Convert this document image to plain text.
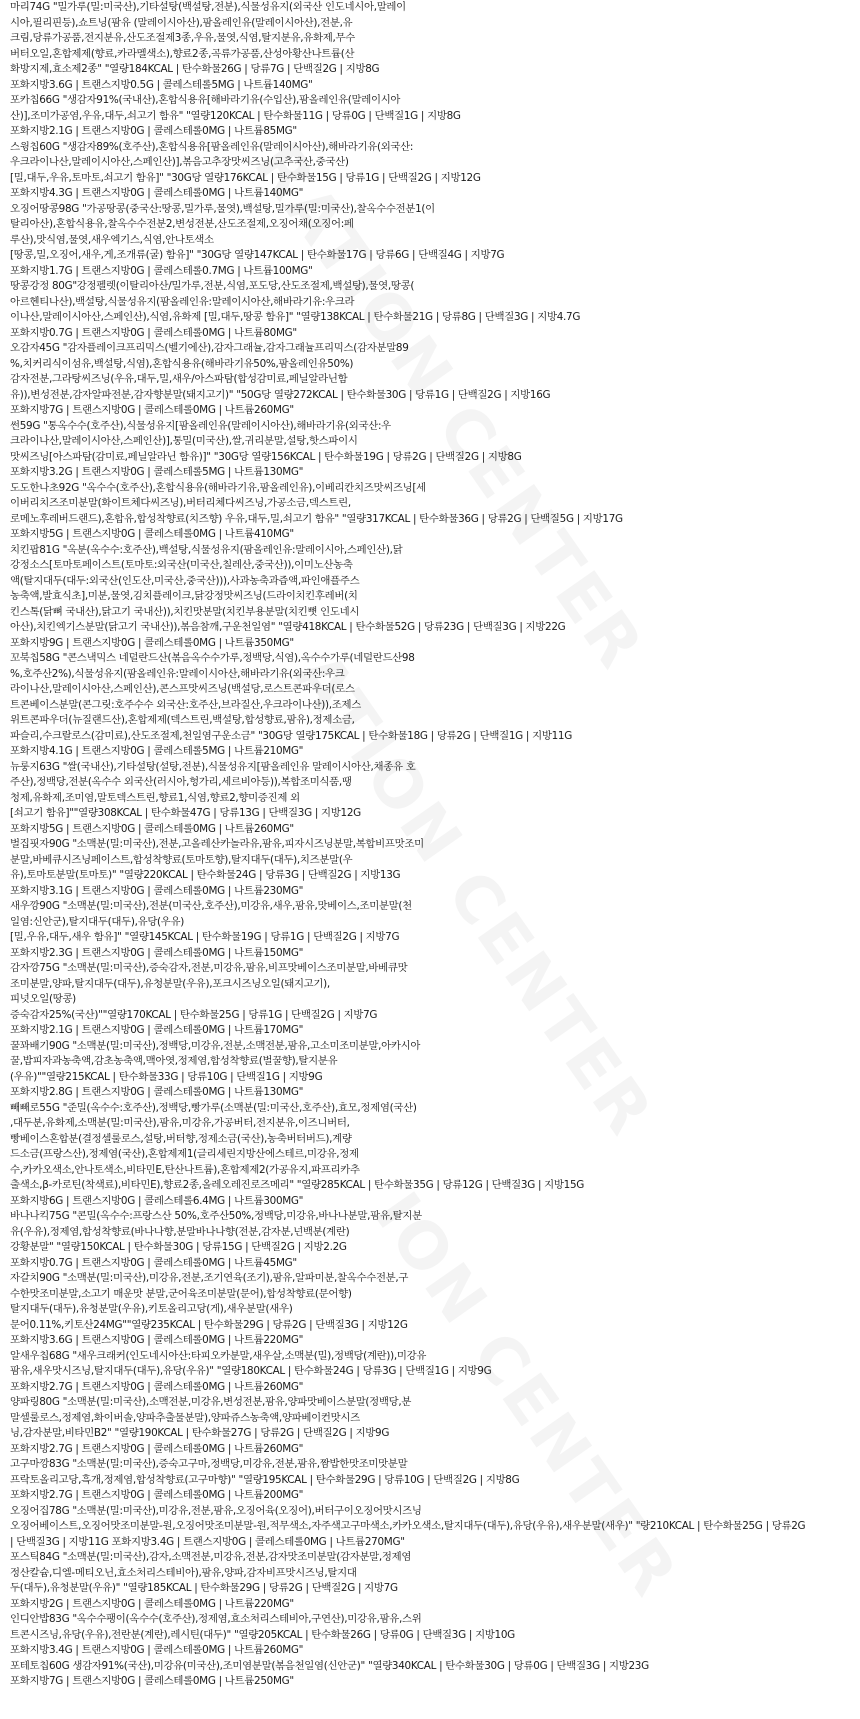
마리74G "밀가루(밀:미국산),기타설탕(백설탕,전분),식물성유지(외국산 인도네시아,말레이
시아,필리핀등),쇼트닝(팜유 (말레이시아산),팜올레인유(말레이시아산),전분,유
크림,당류가공품,전지분유,산도조절제3종,우유,물엿,식염,탈지분유,유화제,무수
버터오일,혼합제제(향료,카라멜색소),향료2종,곡류가공품,산성아황산나트륨(산
화방지제,효소제2종" "열량184KCAL | 탄수화물26G | 당류7G | 단백질2G | 지방8G
포화지방3.6G | 트랜스지방0.5G | 콜레스테롤5MG | 나트륨140MG"
포카칩66G "생감자91%(국내산),혼합식용유[해바라기유(수입산),팜올레인유(말레이시아
산)],조미가공염,우유,대두,쇠고기 함유" "열량120KCAL | 탄수화물11G | 당류0G | 단백질1G | 지방8G
포화지방2.1G | 트랜스지방0G | 콜레스테롤0MG | 나트륨85MG"
스윙칩60G "생감자89%(호주산),혼합식용유[팜올레인유(말레이시아산),해바라기유(외국산:
우크라이나산,말레이시아산,스페인산)],볶음고추장맛씨즈닝(고추국산,중국산)
[밀,대두,우유,토마토,쇠고기 함유]" "30G당 열량176KCAL | 탄수화물15G | 당류1G | 단백질2G | 지방12G
포화지방4.3G | 트랜스지방0G | 콜레스테롤0MG | 나트륨140MG"
오징어땅콩98G "가공땅콩(중국산:땅콩,밀가루,물엿),백설탕,밀가루(밀:미국산),찰옥수수전분1(이
탈리아산),혼합식용유,찰옥수수전분2,변성전분,산도조절제,오징어채(오징어:페
루산),맛식염,물엿,새우엑기스,식염,안나토색소
[땅콩,밀,오징어,새우,게,조개류(굴) 함유]" "30G당 열량147KCAL | 탄수화물17G | 당류6G | 단백질4G | 지방7G
포화지방1.7G | 트랜스지방0G | 콜레스테롤0.7MG | 나트륨100MG"
땅콩강정 80G"강정펠렛(이탈리아산/밀가루,전분,식염,포도당,산도조절제,백설탕),물엿,땅콩(
아르헨티나산),백설탕,식물성유지(팜올레인유:말레이시아산,해바라기유:우크라
이나산,말레이시아산,스페인산),식염,유화제 [밀,대두,땅콩 함유]" "열량138KCAL | 탄수화물21G | 당류8G | 단백질3G | 지방4.7G
포화지방0.7G | 트랜스지방0G | 콜레스테롤0MG | 나트륨80MG"
오감자45G "감자플레이크프리믹스(벨기에산),감자그래뉼,감자그래뉼프리믹스(감자분말89
%,치커리식이섬유,백설탕,식염),혼합식용유(해바라기유50%,팜올레인유50%)
감자전분,그라탕씨즈닝(우유,대두,밀,새우/아스파탐(합성감미료,페닐알라닌함
유)),변성전분,감자알파전분,감자향분말(돼지고기)" "50G당 열량272KCAL | 탄수화물30G | 당류1G | 단백질2G | 지방16G
포화지방7G | 트랜스지방0G | 콜레스테롤0MG | 나트륨260MG"
썬59G "통옥수수(호주산),식물성유지[팜올레인유(말레이시아산),해바라기유(외국산:우
크라이나산,말레이시아산,스페인산)],통밀(미국산),쌀,귀리분말,설탕,핫스파이시
맛씨즈닝[아스파탐(감미료,페닐알라닌 함유)]" "30G당 열량156KCAL | 탄수화물19G | 당류2G | 단백질2G | 지방8G
포화지방3.2G | 트랜스지방0G | 콜레스테롤5MG | 나트륨130MG"
도도한나초92G "옥수수(호주산),혼합식용유(해바라기유,팜올레인유),이베리칸치즈맛씨즈닝[세
이버리치즈조미분말(화이트체다씨즈닝),버터리체다씨즈닝,가공소금,덱스트린,
로메노후레버드랜드),혼합유,합성착향료(치즈향) 우유,대두,밀,쇠고기 함유" "열량317KCAL | 탄수화물36G | 당류2G | 단백질5G | 지방17G
포화지방5G | 트랜스지방0G | 콜레스테롤0MG | 나트륨410MG"
치킨팝81G "옥분(옥수수:호주산),백설탕,식물성유지(팜올레인유:말레이시아,스페인산),닭
강정소스[토마토페이스트(토마토:외국산(미국산,칠레산,중국산)),이미노산농축
액(탈지대두(대두:외국산(인도산,미국산,중국산))),사과농축과즙액,파인애플주스
농축액,발효식초],미분,물엿,김치플레이크,닭강정맛씨즈닝(드라이치킨후레버(치
킨스톡(닭뼈 국내산),닭고기 국내산)),치킨맛분말(치킨부용분말(치킨뼛 인도네시
아산),치킨엑기스분말(닭고기 국내산)),볶음참깨,구운천일염" "열량418KCAL | 탄수화물52G | 당류23G | 단백질3G | 지방22G
포화지방9G | 트랜스지방0G | 콜레스테롤0MG | 나트륨350MG"
꼬북칩58G "콘스낵믹스 네덜란드산(볶음옥수수가루,정백당,식염),옥수수가루(네덜란드산98
%,호주산2%),식물성유지(팜올레인유:말레이시아산,해바라기유(외국산:우크
라이나산,말레이시아산,스페인산),콘스프맛씨즈닝(백설당,로스트콘파우더(로스
트콘베이스분말(콘그릿:호주수수 외국산:호주산,브라질산,우크라이나산)),조제스
위트콘파우더(뉴질랜드산),혼합제제(덱스트린,백설탕,합성향료,팜유),정제소금,
파슬리,수크랄로스(감미료),산도조절제,천일염구운소금" "30G당 열량175KCAL | 탄수화물18G | 당류2G | 단백질1G | 지방11G
포화지방4.1G | 트랜스지방0G | 콜레스테롤5MG | 나트륨210MG"
뉴룽지63G "쌀(국내산),기타설탕(설탕,전분),식물성유지[팜올레인유 말레이시아산,채종유 호
주산),정백당,전분(옥수수 외국산(러시아,헝가리,세르비아등)),복합조미식품,땡
청제,유화제,조미염,말토덱스트린,향료1,식염,향료2,향미증진제 외
[쇠고기 함유]""열량308KCAL | 탄수화물47G | 당류13G | 단백질3G | 지방12G
포화지방5G | 트랜스지방0G | 콜레스테롤0MG | 나트륨260MG"
벌집핏자90G "소맥분(밀:미국산),전분,고올레산카놀라유,팜유,피자시즈닝분말,복합비프맛조미
분말,바베큐시즈닝페이스트,합성착향료(토마토향),탈지대두(대두),치즈분말(우
유),토마토분말(토마토)" "열량220KCAL | 탄수화물24G | 당류3G | 단백질2G | 지방13G
포화지방3.1G | 트랜스지방0G | 콜레스테롤0MG | 나트륨230MG"
새우깡90G "소맥분(밀:미국산),전분(미국산,호주산),미강유,새우,팜유,맛베이스,조미분말(천
일염:신안군),탈지대두(대두),유당(우유)
[밀,우유,대두,새우 함유]" "열량145KCAL | 탄수화물19G | 당류1G | 단백질2G | 지방7G
포화지방2.3G | 트랜스지방0G | 콜레스테롤0MG | 나트륨150MG"
감자깡75G "소맥분(밀:미국산),증숙감자,전분,미강유,팜유,비프맛베이스조미분말,바베큐맛
조미분말,양파,탈지대두(대두),유청분말(우유),포크시즈닝오일(돼지고기),
피넛오일(땅콩)
증숙감자25%(국산)""열량170KCAL | 탄수화물25G | 당류1G | 단백질2G | 지방7G
포화지방2.1G | 트랜스지방0G | 콜레스테롤0MG | 나트륨170MG"
꿀꽈배기90G "소맥분(밀:미국산),정백당,미강유,전분,소맥전분,팜유,고소미조미분말,아카시아
꿀,밥피자과농축액,감초농축액,맥아엿,정제염,합성착향료(벌꿀향),탈지분유
(우유)""열량215KCAL | 탄수화물33G | 당류10G | 단백질1G | 지방9G
포화지방2.8G | 트랜스지방0G | 콜레스테롤0MG | 나트륨130MG"
빼빼로55G "준밀(옥수수:호주산),정백당,빵가루(소맥분(밀:미국산,호주산),효모,정제염(국산)
,대두분,유화제,소맥분(밀:미국산),팜유,미강유,가공버터,전지분유,이즈니버터,
빵베이스혼합분(결정셀룰로스,설탕,버터향,정제소금(국산),농축버터버드),계량
드소금(프랑스산),정제염(국산),혼합제제1(글리세린지방산에스테르,미강유,정제
수,카카오색소,안나토색소,비타민E,탄산나트륨),혼합제제2(가공유지,파프리카추
출색소,β-카로틴(착색료),비타민E),향료2종,올레오레진로즈메리" "열량285KCAL | 탄수화물35G | 당류12G | 단백질3G | 지방15G
포화지방6G | 트랜스지방0G | 콜레스테롤6.4MG | 나트륨300MG"
바나나킥75G "콘밀(옥수수:프랑스산 50%,호주산50%,정백당,미강유,바나나분말,팜유,탈지분
유(우유),정제염,합성착향료(바나나향,분말바나나향(전분,감자분,넌백분(계란)
강황분말" "열량150KCAL | 탄수화물30G | 당류15G | 단백질2G | 지방2.2G
포화지방0.7G | 트랜스지방0G | 콜레스테롤0MG | 나트륨45MG"
자갈치90G "소맥분(밀:미국산),미강유,전분,조기연육(조기),팜유,알파미분,찰옥수수전분,구
수한맛조미분말,소고기 매운맛 분말,군어육조미분말(문어),합성착향료(문어향)
탈지대두(대두),유청분말(우유),키토올리고당(게),새우분말(새우)
문어0.11%,키토산24MG""열량235KCAL | 탄수화물29G | 당류2G | 단백질3G | 지방12G
포화지방3.6G | 트랜스지방0G | 콜레스테롤0MG | 나트륨220MG"
알새우칩68G "새우크래커(인도네시아산:타피오카분말,새우살,소맥분(밀),정백당(계란)),미강유
팜유,새우맛시즈닝,탈지대두(대두),유당(우유)" "열량180KCAL | 탄수화물24G | 당류3G | 단백질1G | 지방9G
포화지방2.7G | 트랜스지방0G | 콜레스테롤0MG | 나트륨260MG"
양파링80G "소맥분(밀:미국산),소맥전분,미강유,변성전분,팜유,양파맛베이스분말(정백당,분
말셀룰로스,정제염,화이버솔,양파추출물분말),양파쥬스농축액,양파베이컨맛시즈
닝,감자분말,비타민B2" "열량190KCAL | 탄수화물27G | 당류2G | 단백질2G | 지방9G
포화지방2.7G | 트랜스지방0G | 콜레스테롤0MG | 나트륨260MG"
고구마깡83G "소맥분(밀:미국산),증숙고구마,정백당,미강유,전분,팜유,짬밥한맛조미맛분말
프락토올리고당,흑개,정제염,합성착향료(고구마향)" "열량195KCAL | 탄수화물29G | 당류10G | 단백질2G | 지방8G
포화지방2.7G | 트랜스지방0G | 콜레스테롤0MG | 나트륨200MG"
오징어집78G "소맥분(밀:미국산),미강유,전분,팜유,오징어육(오징어),버터구이오징어맛시즈닝
오징어베이스트,오징어맛조미분말-원,오징어맛조미분말-원,적무색소,자주색고구마색소,카카오색소,탈지대두(대두),유당(우유),새우분말(새우)" "량210KCAL | 탄수화물25G | 당류2G
| 단백질3G | 지방11G 포화지방3.4G | 트랜스지방0G | 콜레스테롤0MG | 나트륨270MG"
포스틱84G "소맥분(밀:미국산),감자,소맥전분,미강유,전분,감자맛조미분말(감자분말,정제염
정산칼슘,디엘-메티오닌,효소처리스테비아),팜유,양파,감자비프맛시즈닝,탈지대
두(대두),유청분말(우유)" "열량185KCAL | 탄수화물29G | 당류2G | 단백질2G | 지방7G
포화지방2G | 트랜스지방0G | 콜레스테롤0MG | 나트륨220MG"
인디안밥83G "옥수수팽이(옥수수(호주산),정제염,효소처리스테비아,구연산),미강유,팜유,스위
트콘시즈닝,유당(우유),전란분(계란),레시틴(대두)" "열량205KCAL | 탄수화물26G | 당류0G | 단백질3G | 지방10G
포화지방3.4G | 트랜스지방0G | 콜레스테롤0MG | 나트륨260MG"
포테토칩60G 생감자91%(국산),미강유(미국산),조미염분말(볶음천일염(신안군)" "열량340KCAL | 탄수화물30G | 당류0G | 단백질3G | 지방23G
포화지방7G | 트랜스지방0G | 콜레스테롤0MG | 나트륨250MG"
